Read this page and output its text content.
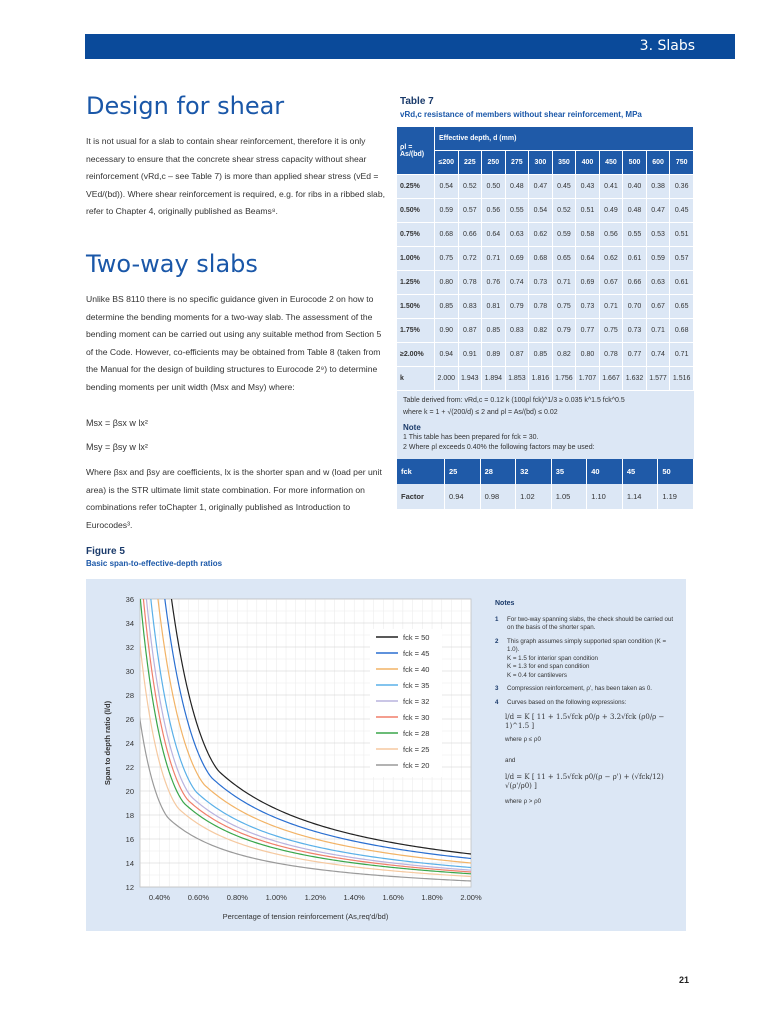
3. Slabs
Design for shear

It is not usual for a slab to contain shear reinforcement, therefore it is only necessary to ensure that the concrete shear stress capacity without shear reinforcement (vRd,c – see Table 7) is more than applied shear stress (vEd = VEd/(bd)). Where shear reinforcement is required, e.g. for ribs in a ribbed slab, refer to Chapter 4, originally published as Beams⁸.

Two-way slabs

Unlike BS 8110 there is no specific guidance given in Eurocode 2 on how to determine the bending moments for a two-way slab. The assessment of the bending moment can be carried out using any suitable method from Section 5 of the Code. However, co-efficients may be obtained from Table 8 (taken from the Manual for the design of building structures to Eurocode 2⁹) to determine bending moments per unit width (Msx and Msy) where:

Msx = βsx w lx²
Msy = βsy w lx²

Where βsx and βsy are coefficients, lx is the shorter span and w (load per unit area) is the STR ultimate limit state combination. For more information on combinations refer toChapter 1, originally published as Introduction to Eurocodes³.

Table 7
vRd,c resistance of members without shear reinforcement, MPa
ρl = As/(bd)	Effective depth, d (mm)										
	≤200	225	250	275	300	350	400	450	500	600	750
0.25%	0.54	0.52	0.50	0.48	0.47	0.45	0.43	0.41	0.40	0.38	0.36
0.50%	0.59	0.57	0.56	0.55	0.54	0.52	0.51	0.49	0.48	0.47	0.45
0.75%	0.68	0.66	0.64	0.63	0.62	0.59	0.58	0.56	0.55	0.53	0.51
1.00%	0.75	0.72	0.71	0.69	0.68	0.65	0.64	0.62	0.61	0.59	0.57
1.25%	0.80	0.78	0.76	0.74	0.73	0.71	0.69	0.67	0.66	0.63	0.61
1.50%	0.85	0.83	0.81	0.79	0.78	0.75	0.73	0.71	0.70	0.67	0.65
1.75%	0.90	0.87	0.85	0.83	0.82	0.79	0.77	0.75	0.73	0.71	0.68
≥2.00%	0.94	0.91	0.89	0.87	0.85	0.82	0.80	0.78	0.77	0.74	0.71
k	2.000	1.943	1.894	1.853	1.816	1.756	1.707	1.667	1.632	1.577	1.516
Table derived from: vRd,c = 0.12 k (100ρl fck)^1/3 ≥ 0.035 k^1.5 fck^0.5
where k = 1 + √(200/d) ≤ 2 and ρl = As/(bd) ≤ 0.02
Note
1 This table has been prepared for fck = 30.
2 Where ρl exceeds 0.40% the following factors may be used:
fck	25	28	32	35	40	45	50
Factor	0.94	0.98	1.02	1.05	1.10	1.14	1.19
Figure 5
Basic span-to-effective-depth ratios
0.40% 0.60% 0.80% 1.00% 1.20% 1.40% 1.60% 1.80% 2.00%
12
14
16
18
20
22
24
26
28
30
32
34
36
Percentage of tension reinforcement (As,req'd/bd)
Span to depth ratio (l/d)
fck = 50
fck = 45
fck = 40
fck = 35
fck = 32
fck = 30
fck = 28
fck = 25
fck = 20
Notes
1 For two-way spanning slabs, the check should be carried out on the basis of the shorter span.
2 This graph assumes simply supported span condition (K = 1.0).
K = 1.5 for interior span condition
K = 1.3 for end span condition
K = 0.4 for cantilevers
3 Compression reinforcement, ρ', has been taken as 0.
4 Curves based on the following expressions:
l/d = K [ 11 + 1.5√fck ρ0/ρ + 3.2√fck (ρ0/ρ − 1)^1.5 ]
where ρ ≤ ρ0
and
l/d = K [ 11 + 1.5√fck ρ0/(ρ − ρ') + (√fck/12) √(ρ'/ρ0) ]
where ρ > ρ0
21
